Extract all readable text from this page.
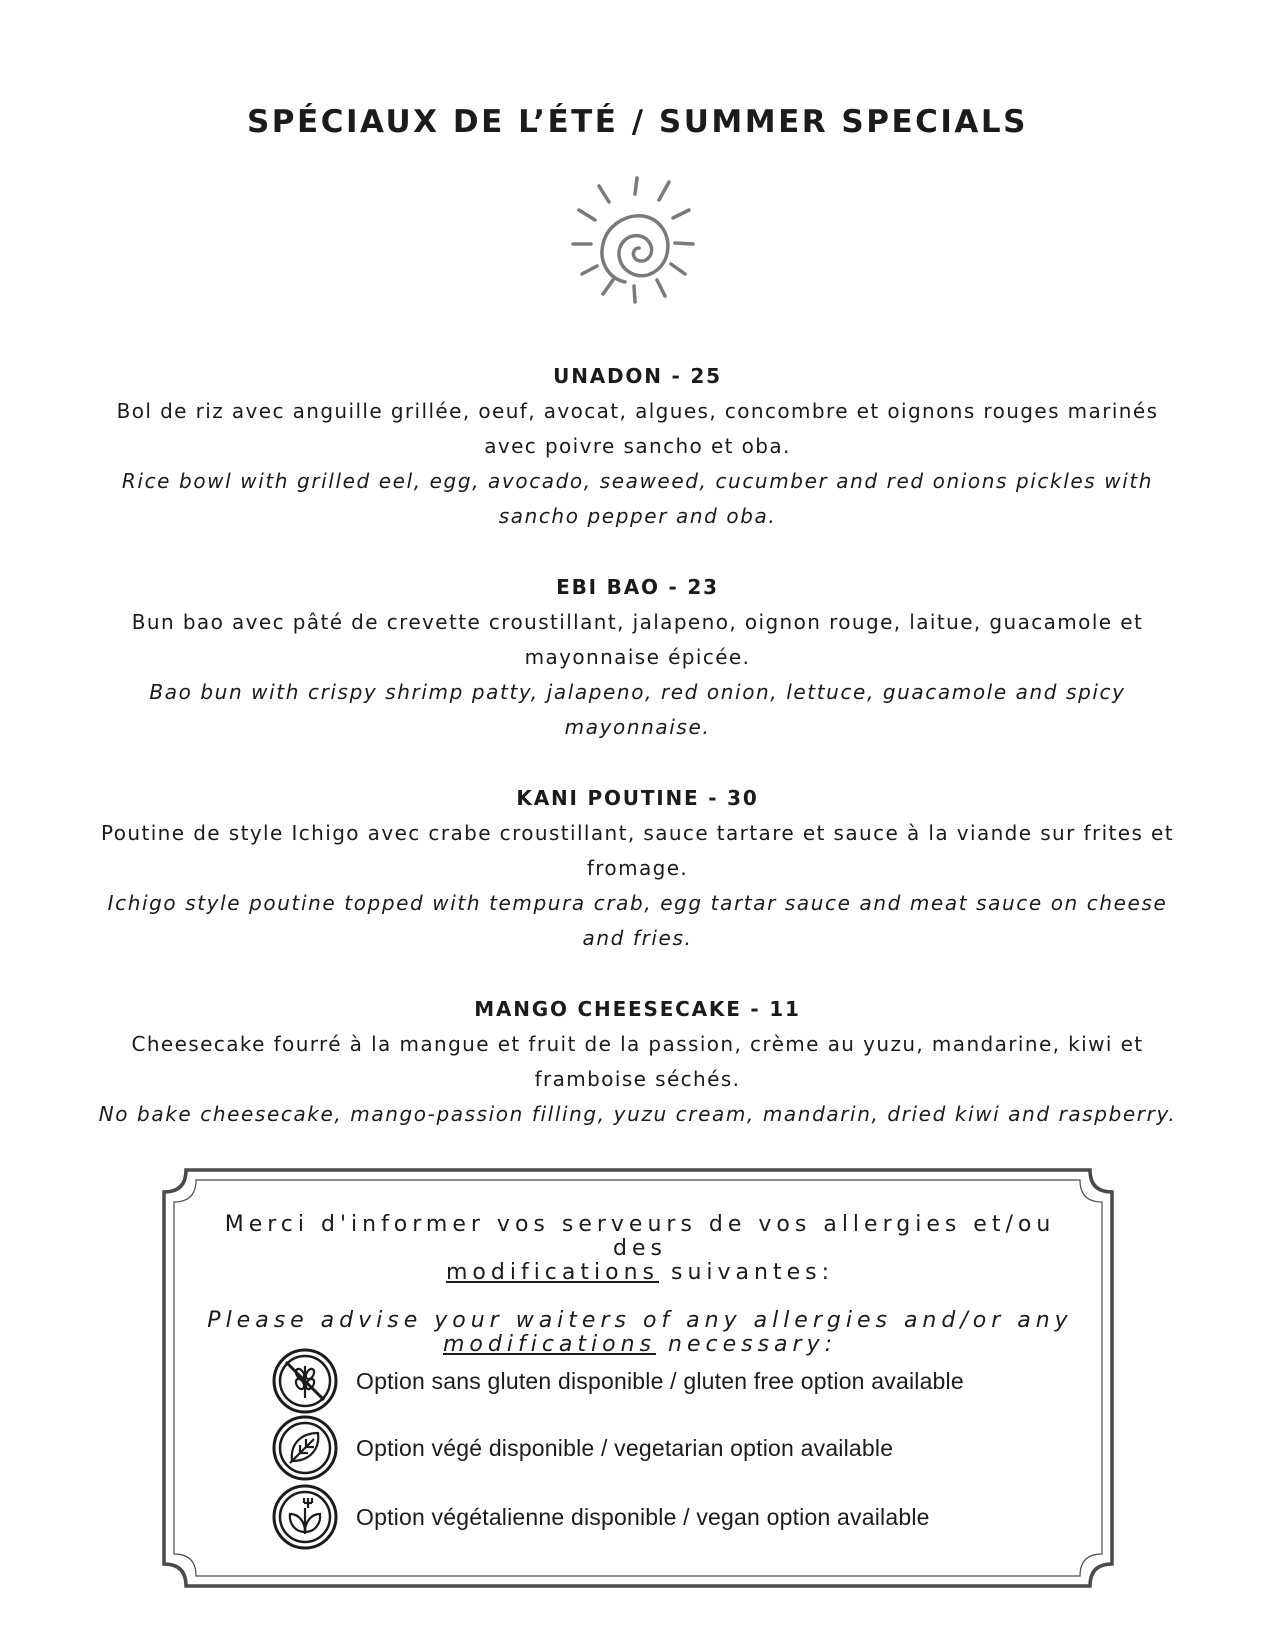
SPÉCIAUX DE L’ÉTÉ / SUMMER SPECIALS
UNADON - 25
Bol de riz avec anguille grillée, oeuf, avocat, algues, concombre et oignons rouges marinés avec poivre sancho et oba.
Rice bowl with grilled eel, egg, avocado, seaweed, cucumber and red onions pickles with sancho pepper and oba.
EBI BAO - 23
Bun bao avec pâté de crevette croustillant, jalapeno, oignon rouge, laitue, guacamole et mayonnaise épicée.
Bao bun with crispy shrimp patty, jalapeno, red onion, lettuce, guacamole and spicy mayonnaise.
KANI POUTINE - 30
Poutine de style Ichigo avec crabe croustillant, sauce tartare et sauce à la viande sur frites et fromage.
Ichigo style poutine topped with tempura crab, egg tartar sauce and meat sauce on cheese and fries.
MANGO CHEESECAKE - 11
Cheesecake fourré à la mangue et fruit de la passion, crème au yuzu, mandarine, kiwi et framboise séchés.
No bake cheesecake, mango-passion filling, yuzu cream, mandarin, dried kiwi and raspberry.

Merci d'informer vos serveurs de vos allergies et/ou des
modifications suivantes:

Please advise your waiters of any allergies and/or any
modifications necessary:

Option sans gluten disponible / gluten free option available
Option végé disponible / vegetarian option available
Option végétalienne disponible / vegan option available
